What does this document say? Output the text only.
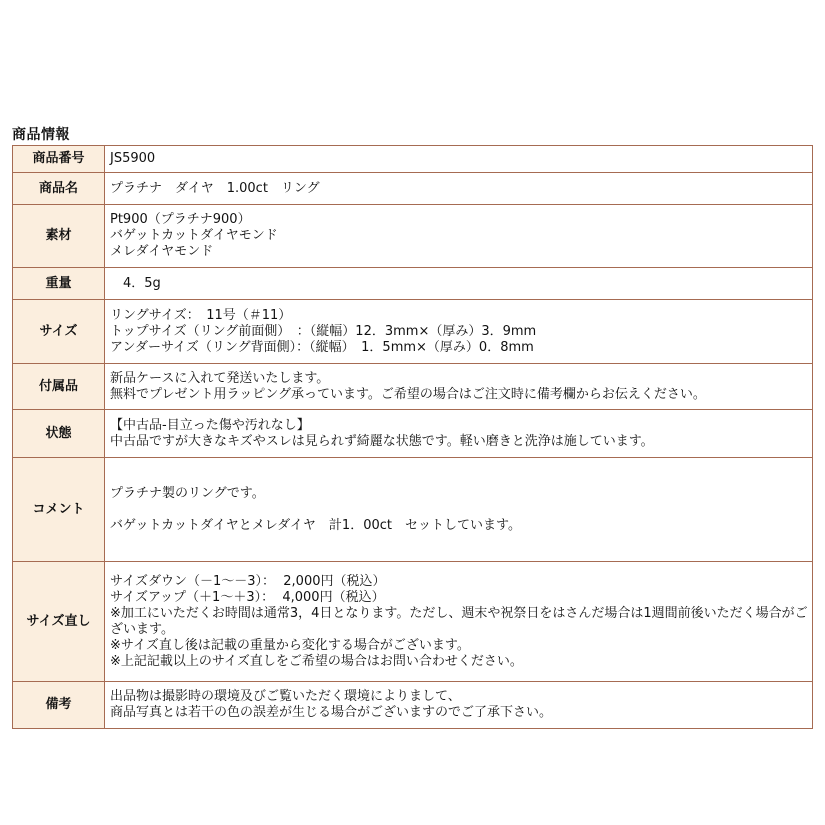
商品情報
商品番号	JS5900

商品名	プラチナ　ダイヤ　1.00ct　リング

素材	Pt900（プラチナ900）
バゲットカットダイヤモンド
メレダイヤモンド

重量	　4．5g

サイズ	リングサイズ：　11号（＃11）
トップサイズ（リング前面側）　：（縦幅）12．3mm×（厚み）3．9mm
アンダーサイズ（リング背面側）：（縦幅）　1．5mm×（厚み）0．8mm

付属品	新品ケースに入れて発送いたします。
無料でプレゼント用ラッピング承っています。ご希望の場合はご注文時に備考欄からお伝えください。

状態	【中古品-目立った傷や汚れなし】
中古品ですが大きなキズやスレは見られず綺麗な状態です。軽い磨きと洗浄は施しています。

コメント	プラチナ製のリングです。
バゲットカットダイヤとメレダイヤ　計1．00ct　セットしています。

サイズ直し	サイズダウン（－1～－3）：  2,000円（税込）
サイズアップ（＋1～＋3）：  4,000円（税込）
※加工にいただくお時間は通常3，4日となります。ただし、週末や祝祭日をはさんだ場合は1週間前後いただく場合がございます。
※サイズ直し後は記載の重量から変化する場合がございます。
※上記記載以上のサイズ直しをご希望の場合はお問い合わせください。

備考	出品物は撮影時の環境及びご覧いただく環境によりまして、
商品写真とは若干の色の誤差が生じる場合がございますのでご了承下さい。
